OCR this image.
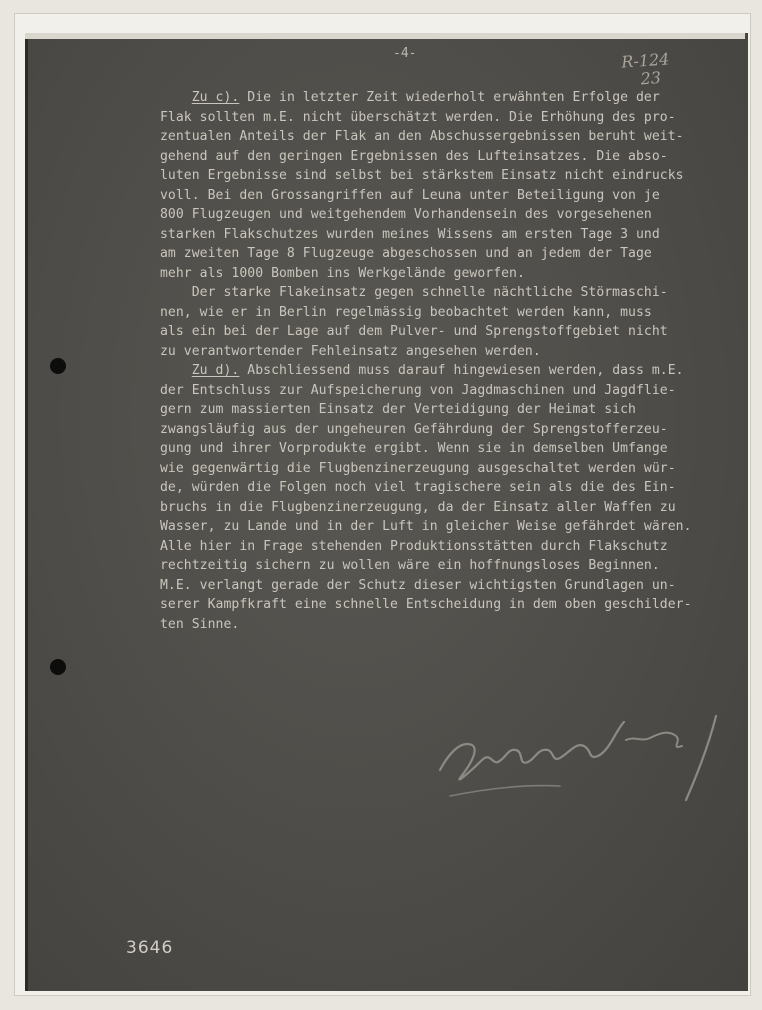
-4-	R-124
23
Zu c). Die in letzter Zeit wiederholt erwähnten Erfolge der
Flak sollten m.E. nicht überschätzt werden. Die Erhöhung des pro-
zentualen Anteils der Flak an den Abschussergebnissen beruht weit-
gehend auf den geringen Ergebnissen des Lufteinsatzes. Die abso-
luten Ergebnisse sind selbst bei stärkstem Einsatz nicht eindrucks
voll. Bei den Grossangriffen auf Leuna unter Beteiligung von je
800 Flugzeugen und weitgehendem Vorhandensein des vorgesehenen
starken Flakschutzes wurden meines Wissens am ersten Tage 3 und
am zweiten Tage 8 Flugzeuge abgeschossen und an jedem der Tage
mehr als 1000 Bomben ins Werkgelände geworfen.
Der starke Flakeinsatz gegen schnelle nächtliche Störmaschi-
nen, wie er in Berlin regelmässig beobachtet werden kann, muss
als ein bei der Lage auf dem Pulver- und Sprengstoffgebiet nicht
zu verantwortender Fehleinsatz angesehen werden.
Zu d). Abschliessend muss darauf hingewiesen werden, dass m.E.
der Entschluss zur Aufspeicherung von Jagdmaschinen und Jagdflie-
gern zum massierten Einsatz der Verteidigung der Heimat sich
zwangsläufig aus der ungeheuren Gefährdung der Sprengstofferzeu-
gung und ihrer Vorprodukte ergibt. Wenn sie in demselben Umfange
wie gegenwärtig die Flugbenzinerzeugung ausgeschaltet werden wür-
de, würden die Folgen noch viel tragischere sein als die des Ein-
bruchs in die Flugbenzinerzeugung, da der Einsatz aller Waffen zu
Wasser, zu Lande und in der Luft in gleicher Weise gefährdet wären.
Alle hier in Frage stehenden Produktionsstätten durch Flakschutz
rechtzeitig sichern zu wollen wäre ein hoffnungsloses Beginnen.
M.E. verlangt gerade der Schutz dieser wichtigsten Grundlagen un-
serer Kampfkraft eine schnelle Entscheidung in dem oben geschilder-
ten Sinne.
3646
